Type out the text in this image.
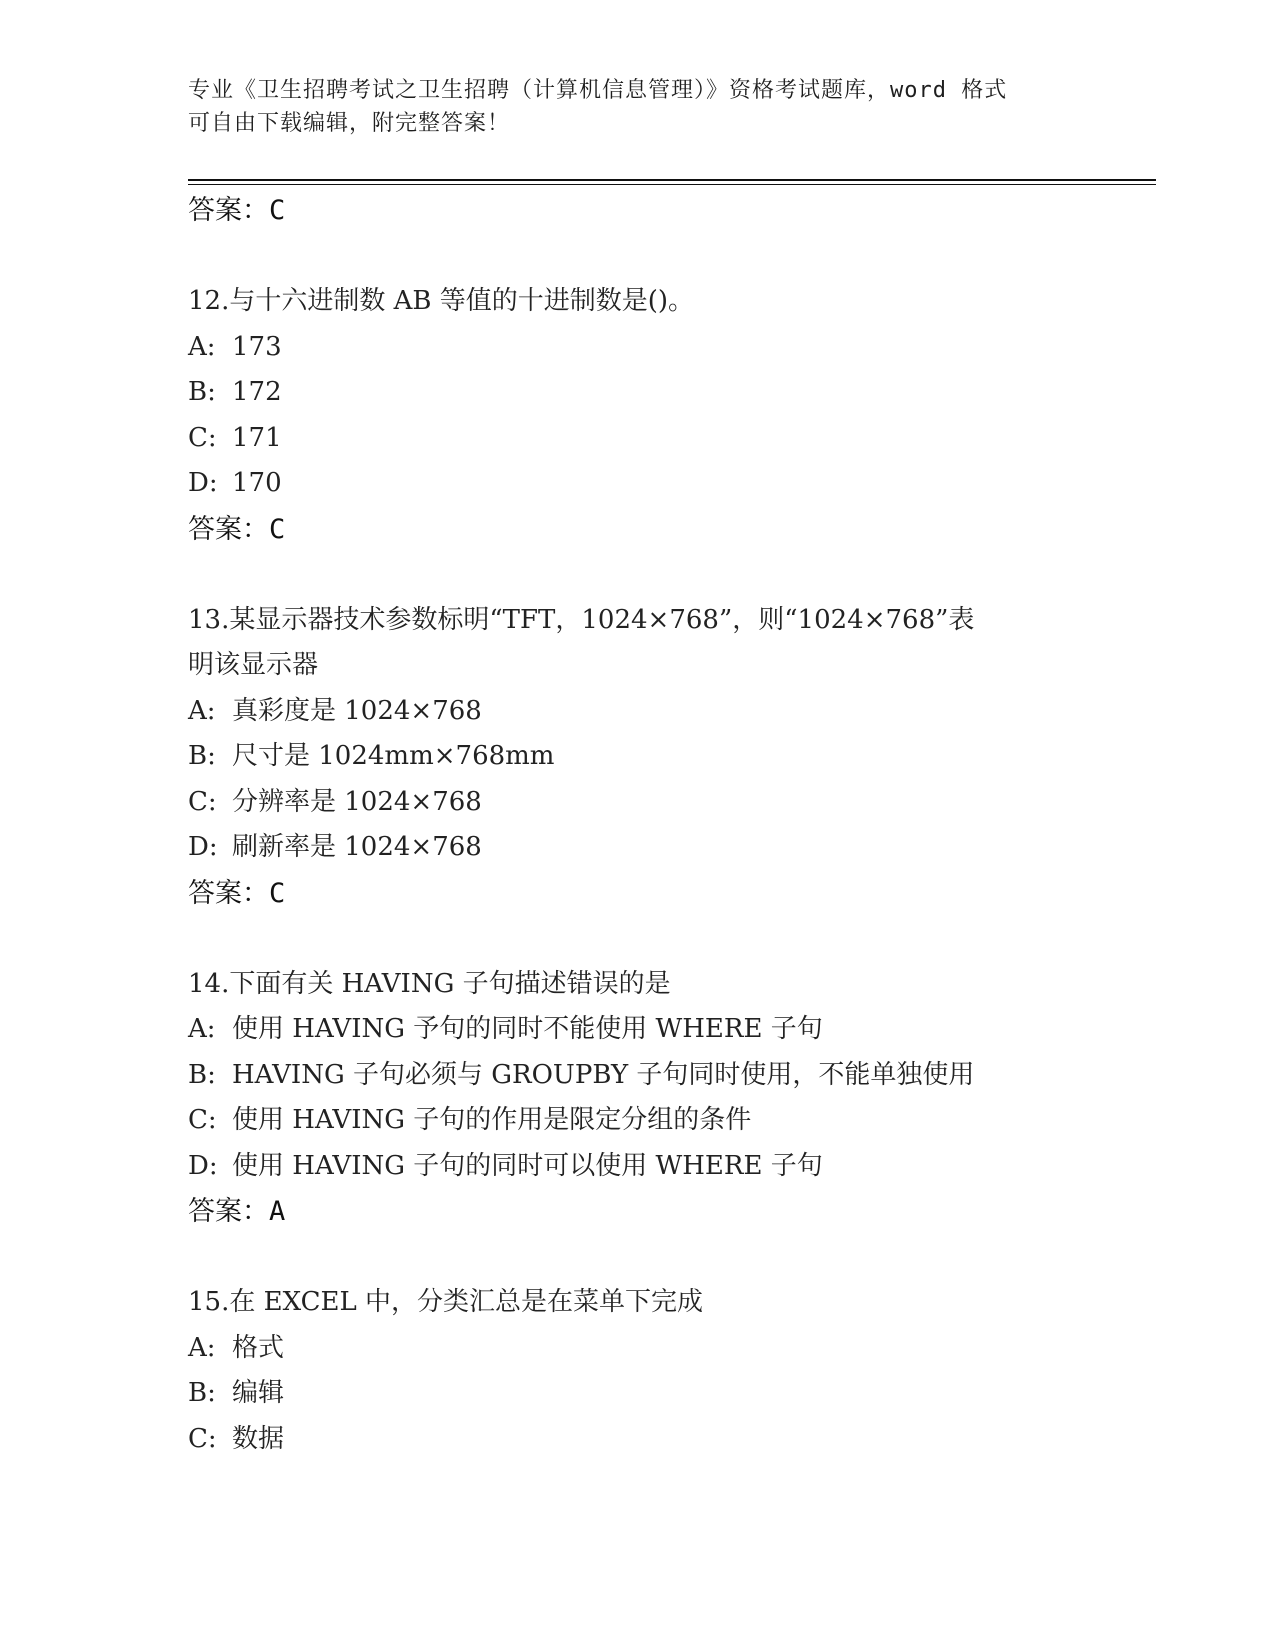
专业《卫生招聘考试之卫生招聘（计算机信息管理）》资格考试题库，word 格式
可自由下载编辑，附完整答案！
答案：C
12.与十六进制数 AB 等值的十进制数是()。
A: 173
B: 172
C: 171
D: 170
答案：C
13.某显示器技术参数标明“TFT，1024×768”，则“1024×768”表
明该显示器
A: 真彩度是 1024×768
B: 尺寸是 1024mm×768mm
C: 分辨率是 1024×768
D: 刷新率是 1024×768
答案：C
14.下面有关 HAVING 子句描述错误的是
A: 使用 HAVING 予句的同时不能使用 WHERE 子句
B: HAVING 子句必须与 GROUPBY 子句同时使用，不能单独使用
C: 使用 HAVING 子句的作用是限定分组的条件
D: 使用 HAVING 子句的同时可以使用 WHERE 子句
答案：A
15.在 EXCEL 中，分类汇总是在菜单下完成
A: 格式
B: 编辑
C: 数据
